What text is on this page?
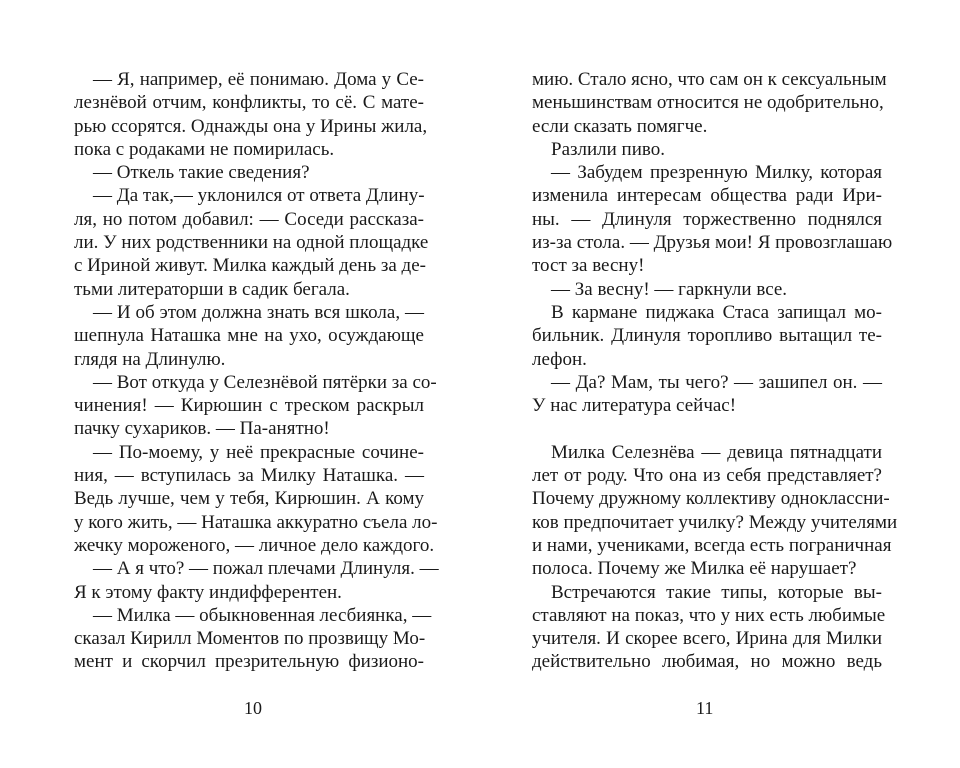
— Я, например, её понимаю. Дома у Се-
лезнёвой отчим, конфликты, то сё. С мате-
рью ссорятся. Однажды она у Ирины жила,
пока с родаками не помирилась.
— Откель такие сведения?
— Да так,— уклонился от ответа Длину-
ля, но потом добавил: — Соседи рассказа-
ли. У них родственники на одной площадке
с Ириной живут. Милка каждый день за де-
тьми литераторши в садик бегала.
— И об этом должна знать вся школа, —
шепнула Наташка мне на ухо, осуждающе
глядя на Длинулю.
— Вот откуда у Селезнёвой пятёрки за со-
чинения! — Кирюшин с треском раскрыл
пачку сухариков. — Па-анятно!
— По-моему, у неё прекрасные сочине-
ния, — вступилась за Милку Наташка. —
Ведь лучше, чем у тебя, Кирюшин. А кому
у кого жить, — Наташка аккуратно съела ло-
жечку мороженого, — личное дело каждого.
— А я что? — пожал плечами Длинуля. —
Я к этому факту индифферентен.
— Милка — обыкновенная лесбиянка, —
сказал Кирилл Моментов по прозвищу Мо-
мент и скорчил презрительную физионо-
10
мию. Стало ясно, что сам он к сексуальным
меньшинствам относится не одобрительно,
если сказать помягче.
Разлили пиво.
— Забудем презренную Милку, которая
изменила интересам общества ради Ири-
ны. — Длинуля торжественно поднялся
из-за стола. — Друзья мои! Я провозглашаю
тост за весну!
— За весну! — гаркнули все.
В кармане пиджака Стаса запищал мо-
бильник. Длинуля торопливо вытащил те-
лефон.
— Да? Мам, ты чего? — зашипел он. —
У нас литература сейчас!
Милка Селезнёва — девица пятнадцати
лет от роду. Что она из себя представляет?
Почему дружному коллективу одноклассни-
ков предпочитает училку? Между учителями
и нами, учениками, всегда есть пограничная
полоса. Почему же Милка её нарушает?
Встречаются такие типы, которые вы-
ставляют на показ, что у них есть любимые
учителя. И скорее всего, Ирина для Милки
действительно любимая, но можно ведь
11
